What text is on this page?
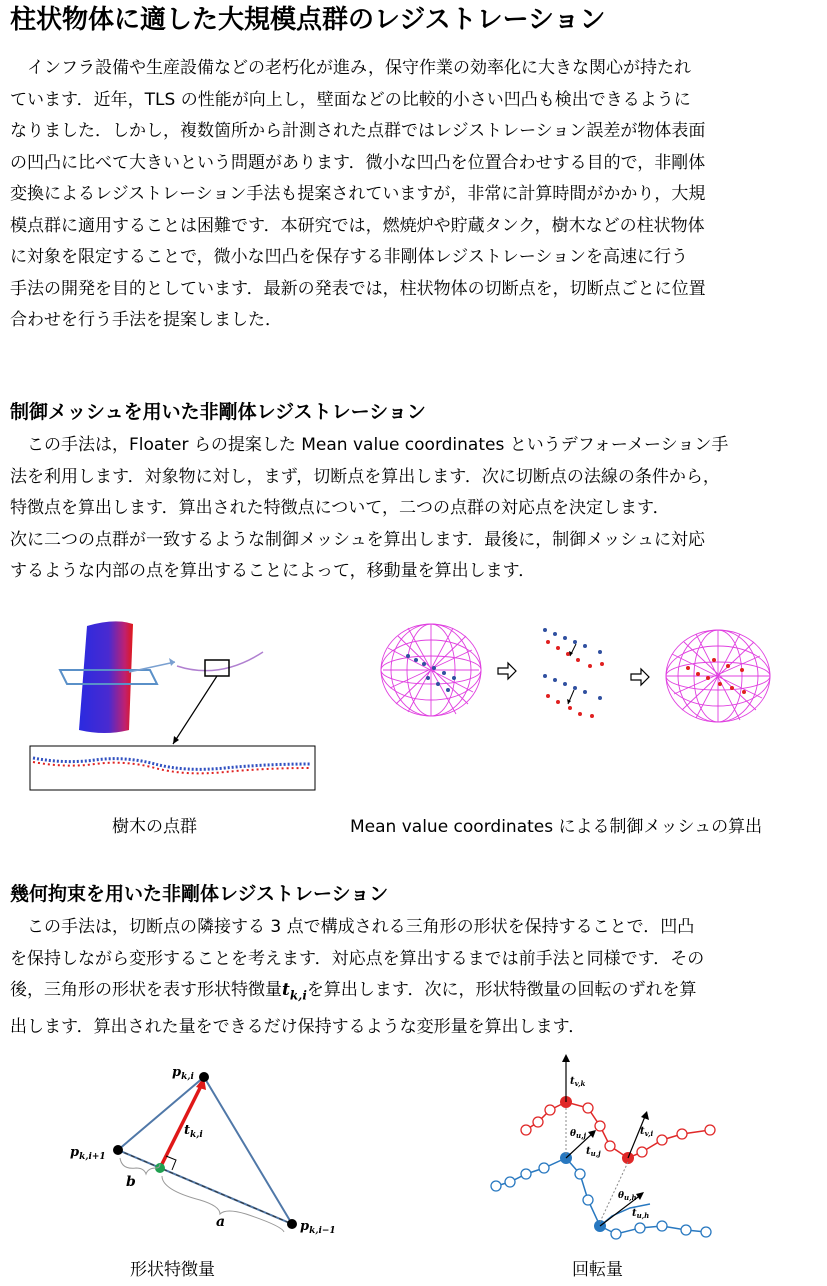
柱状物体に適した大規模点群のレジストレーション
　インフラ設備や生産設備などの老朽化が進み，保守作業の効率化に大きな関心が持たれ
ています．近年，TLS の性能が向上し，壁面などの比較的小さい凹凸も検出できるように
なりました．しかし，複数箇所から計測された点群ではレジストレーション誤差が物体表面
の凹凸に比べて大きいという問題があります．微小な凹凸を位置合わせする目的で，非剛体
変換によるレジストレーション手法も提案されていますが，非常に計算時間がかかり，大規
模点群に適用することは困難です．本研究では，燃焼炉や貯蔵タンク，樹木などの柱状物体
に対象を限定することで，微小な凹凸を保存する非剛体レジストレーションを高速に行う
手法の開発を目的としています．最新の発表では，柱状物体の切断点を，切断点ごとに位置
合わせを行う手法を提案しました．
制御メッシュを用いた非剛体レジストレーション
　この手法は，Floater らの提案した Mean value coordinates というデフォーメーション手
法を利用します．対象物に対し，まず，切断点を算出します．次に切断点の法線の条件から，
特徴点を算出します．算出された特徴点について，二つの点群の対応点を決定します．
次に二つの点群が一致するような制御メッシュを算出します．最後に，制御メッシュに対応
するような内部の点を算出することによって，移動量を算出します．
樹木の点群	Mean value coordinates による制御メッシュの算出
幾何拘束を用いた非剛体レジストレーション
　この手法は，切断点の隣接する 3 点で構成される三角形の形状を保持することで．凹凸
を保持しながら変形することを考えます．対応点を算出するまでは前手法と同様です．その
後，三角形の形状を表す形状特徴量$t_{k,i}$を算出します．次に，形状特徴量の回転のずれを算
出します．算出された量をできるだけ保持するような変形量を算出します．
$p_{k,i}$
$p_{k,i+1}$
$p_{k,i-1}$
$t_{k,i}$
b
a
形状特徴量
$t_{v,k}$
$t_{v,i}$
$t_{u,j}$
$t_{u,h}$
$\theta_{u,j}$
$\theta_{u,h}$
回転量
